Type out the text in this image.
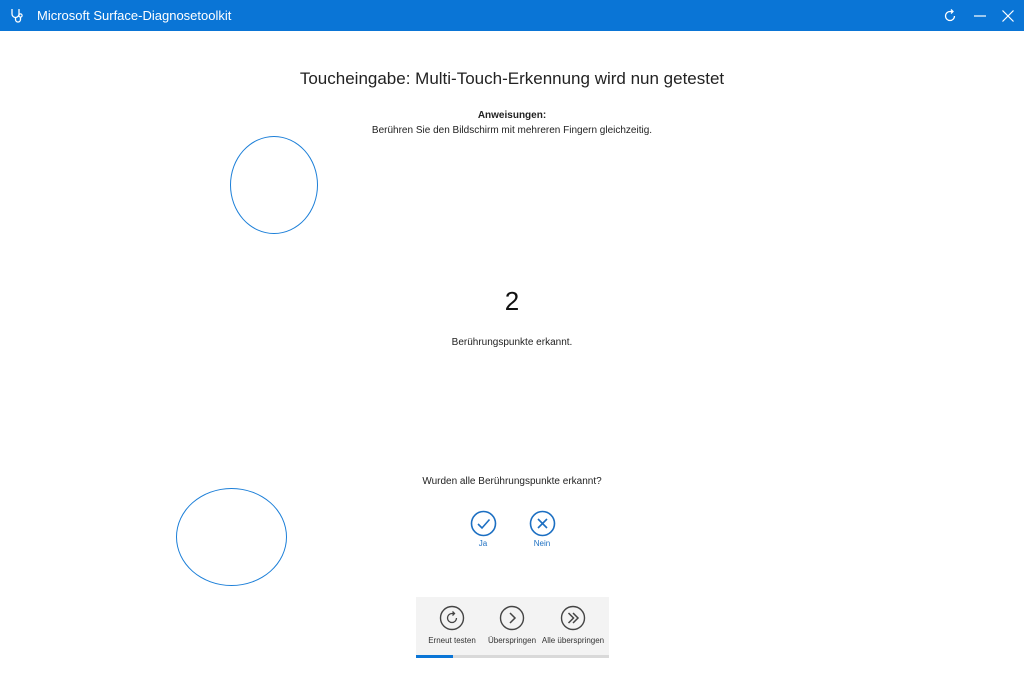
Microsoft Surface-Diagnosetoolkit
Toucheingabe: Multi-Touch-Erkennung wird nun getestet
Anweisungen:
Berühren Sie den Bildschirm mit mehreren Fingern gleichzeitig.
2
Berührungspunkte erkannt.
Wurden alle Berührungspunkte erkannt?
Ja	Nein
Erneut testen	Überspringen Alle überspringen
